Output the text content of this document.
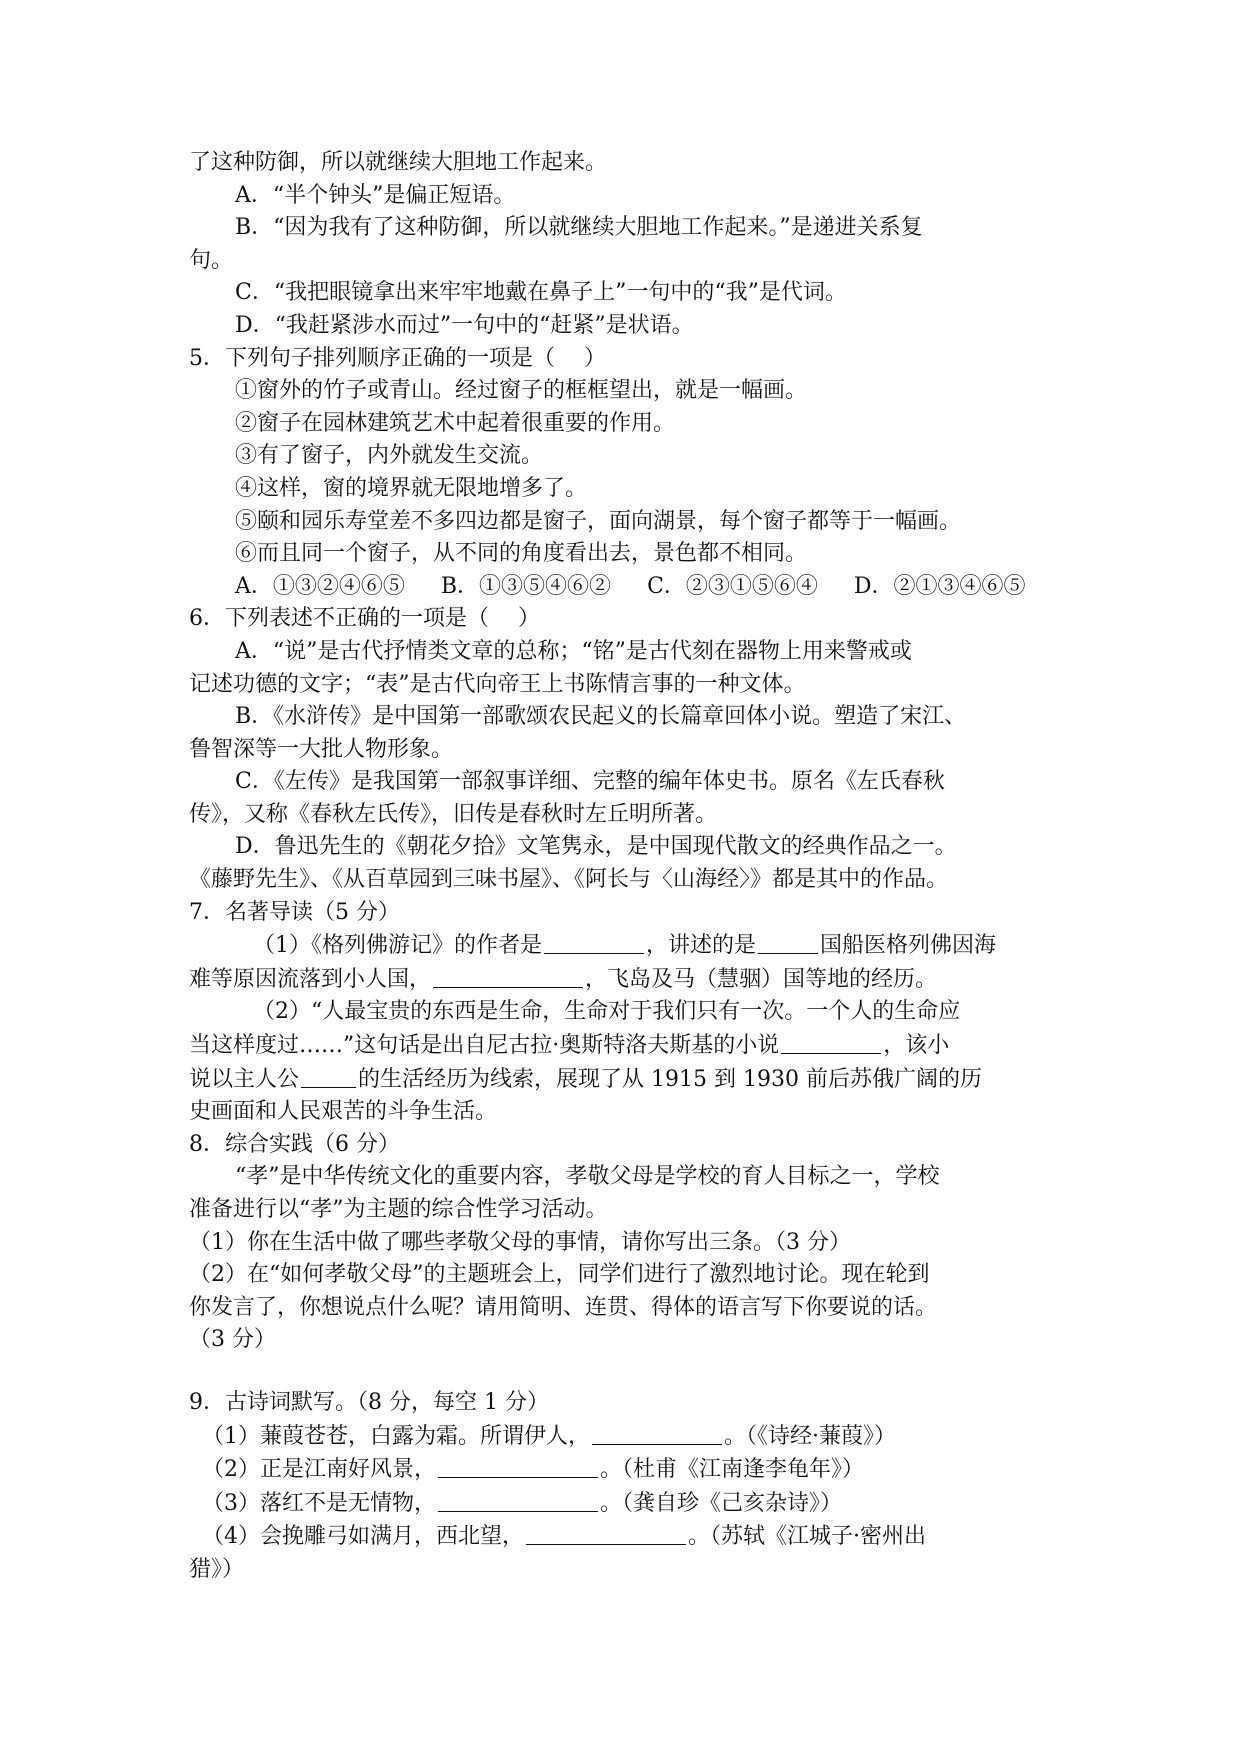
了这种防御，所以就继续大胆地工作起来。
A．“半个钟头”是偏正短语。
B．“因为我有了这种防御，所以就继续大胆地工作起来。”是递进关系复
句。
C．“我把眼镜拿出来牢牢地戴在鼻子上”一句中的“我”是代词。
D．“我赶紧涉水而过”一句中的“赶紧”是状语。
5．下列句子排列顺序正确的一项是（　 ）
①窗外的竹子或青山。经过窗子的框框望出，就是一幅画。
②窗子在园林建筑艺术中起着很重要的作用。
③有了窗子，内外就发生交流。
④这样，窗的境界就无限地增多了。
⑤颐和园乐寿堂差不多四边都是窗子，面向湖景，每个窗子都等于一幅画。
⑥而且同一个窗子，从不同的角度看出去，景色都不相同。
A．①③②④⑥⑤ B．①③⑤④⑥② C．②③①⑤⑥④ D．②①③④⑥⑤
6．下列表述不正确的一项是（　 ）
A．“说”是古代抒情类文章的总称；“铭”是古代刻在器物上用来警戒或
记述功德的文字；“表”是古代向帝王上书陈情言事的一种文体。
B．《水浒传》是中国第一部歌颂农民起义的长篇章回体小说。塑造了宋江、
鲁智深等一大批人物形象。
C．《左传》是我国第一部叙事详细、完整的编年体史书。原名《左氏春秋
传》，又称《春秋左氏传》，旧传是春秋时左丘明所著。
D．鲁迅先生的《朝花夕拾》文笔隽永，是中国现代散文的经典作品之一。
《藤野先生》、《从百草园到三味书屋》、《阿长与〈山海经〉》都是其中的作品。
7．名著导读（5 分）
（1）《格列佛游记》的作者是	，讲述的是	国船医格列佛因海
难等原因流落到小人国，	，飞岛及马（慧骃）国等地的经历。
（2）“人最宝贵的东西是生命，生命对于我们只有一次。一个人的生命应
当这样度过……”这句话是出自尼古拉·奥斯特洛夫斯基的小说	，该小
说以主人公	的生活经历为线索，展现了从 1915 到 1930 前后苏俄广阔的历
史画面和人民艰苦的斗争生活。
8．综合实践（6 分）
“孝”是中华传统文化的重要内容，孝敬父母是学校的育人目标之一，学校
准备进行以“孝”为主题的综合性学习活动。
（1）你在生活中做了哪些孝敬父母的事情，请你写出三条。（3 分）
（2）在“如何孝敬父母”的主题班会上，同学们进行了激烈地讨论。现在轮到
你发言了，你想说点什么呢？请用简明、连贯、得体的语言写下你要说的话。
（3 分）
9．古诗词默写。（8 分，每空 1 分）
（1）蒹葭苍苍，白露为霜。所谓伊人，	。（《诗经·蒹葭》）
（2）正是江南好风景，	。（杜甫《江南逢李龟年》）
（3）落红不是无情物，	。（龚自珍《己亥杂诗》）
（4）会挽雕弓如满月，西北望，	。（苏轼《江城子·密州出
猎》）
